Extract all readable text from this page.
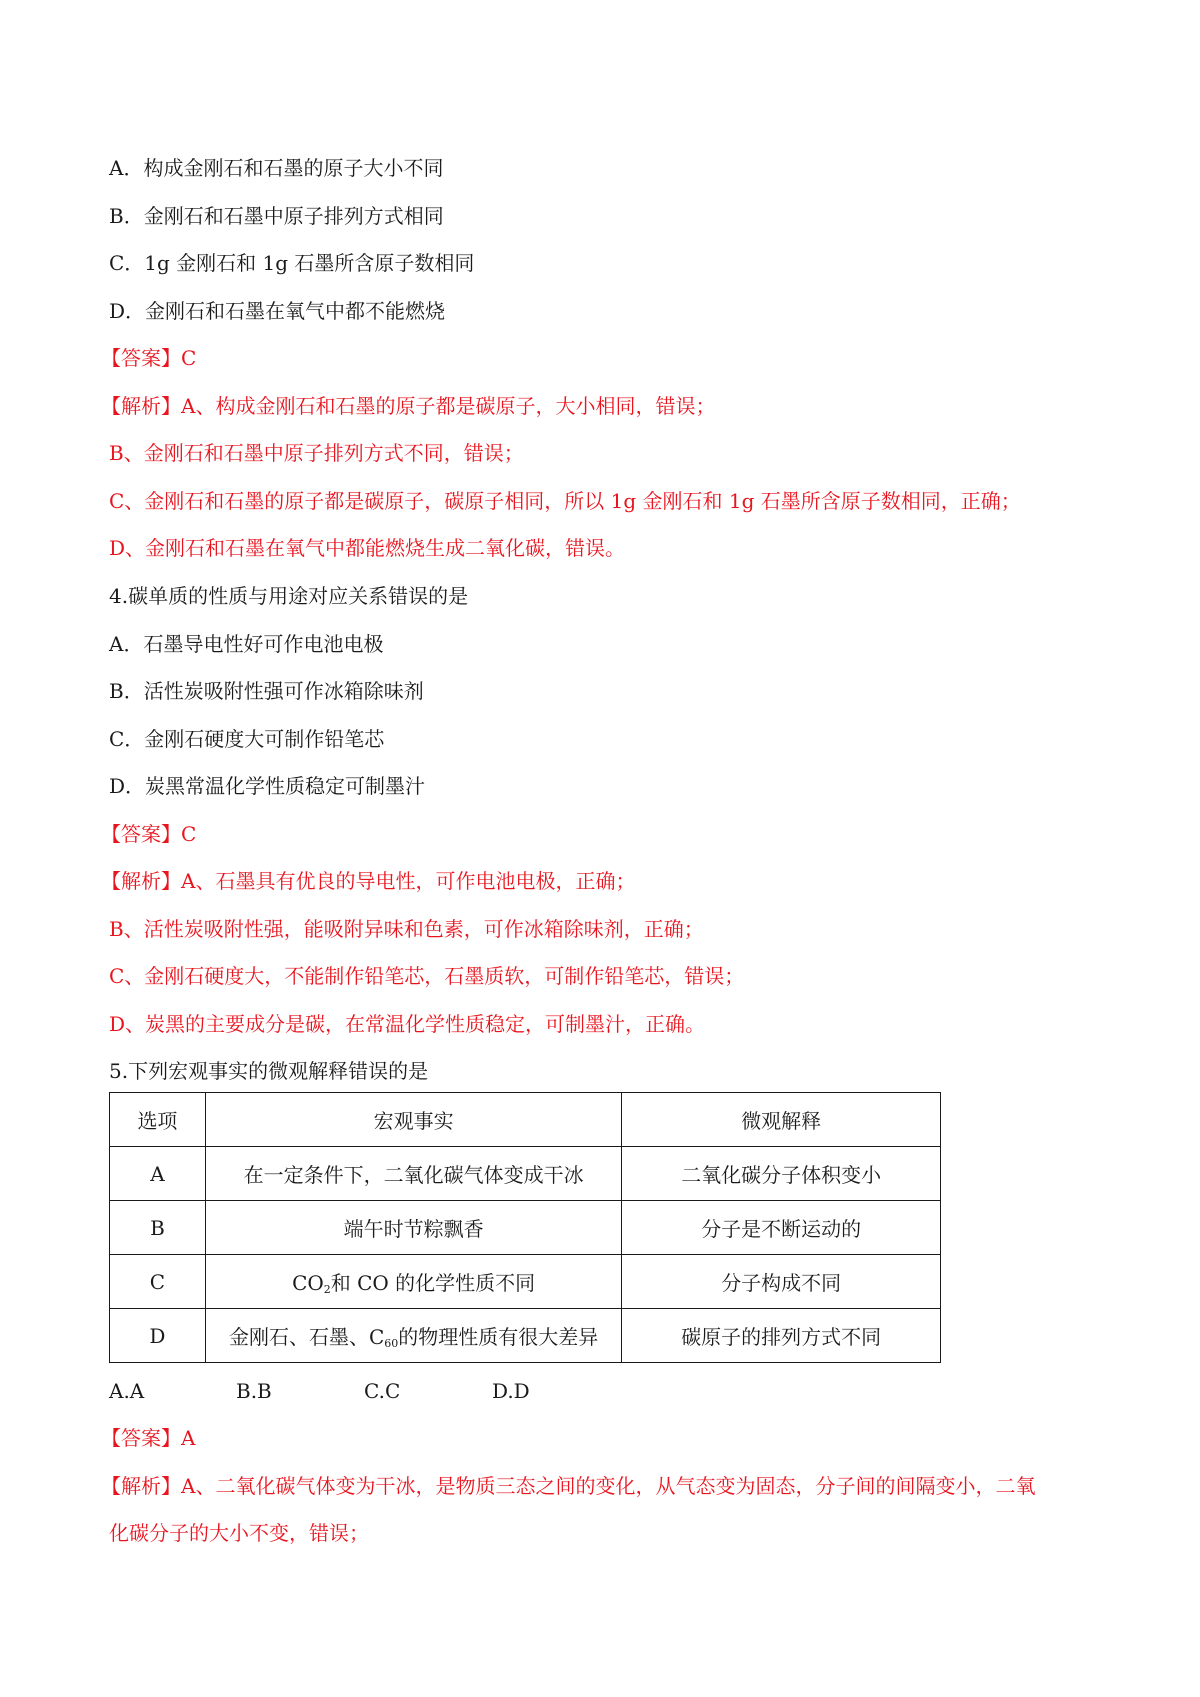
A．构成金刚石和石墨的原子大小不同
B．金刚石和石墨中原子排列方式相同
C．1g 金刚石和 1g 石墨所含原子数相同
D．金刚石和石墨在氧气中都不能燃烧
【答案】C
【解析】A、构成金刚石和石墨的原子都是碳原子，大小相同，错误；
B、金刚石和石墨中原子排列方式不同，错误；
C、金刚石和石墨的原子都是碳原子，碳原子相同，所以 1g 金刚石和 1g 石墨所含原子数相同，正确；
D、金刚石和石墨在氧气中都能燃烧生成二氧化碳，错误。
4.碳单质的性质与用途对应关系错误的是
A．石墨导电性好可作电池电极
B．活性炭吸附性强可作冰箱除味剂
C．金刚石硬度大可制作铅笔芯
D．炭黑常温化学性质稳定可制墨汁
【答案】C
【解析】A、石墨具有优良的导电性，可作电池电极，正确；
B、活性炭吸附性强，能吸附异味和色素，可作冰箱除味剂，正确；
C、金刚石硬度大，不能制作铅笔芯，石墨质软，可制作铅笔芯，错误；
D、炭黑的主要成分是碳，在常温化学性质稳定，可制墨汁，正确。
5.下列宏观事实的微观解释错误的是
选项	宏观事实	微观解释
A	在一定条件下，二氧化碳气体变成干冰	二氧化碳分子体积变小
B	端午时节粽飘香	分子是不断运动的
C	$CO_2$和 CO 的化学性质不同	分子构成不同
D	金刚石、石墨、$C_{60}$的物理性质有很大差异	碳原子的排列方式不同
A.A	B.B	C.C	D.D
【答案】A
【解析】A、二氧化碳气体变为干冰，是物质三态之间的变化，从气态变为固态，分子间的间隔变小，二氧
化碳分子的大小不变，错误；
